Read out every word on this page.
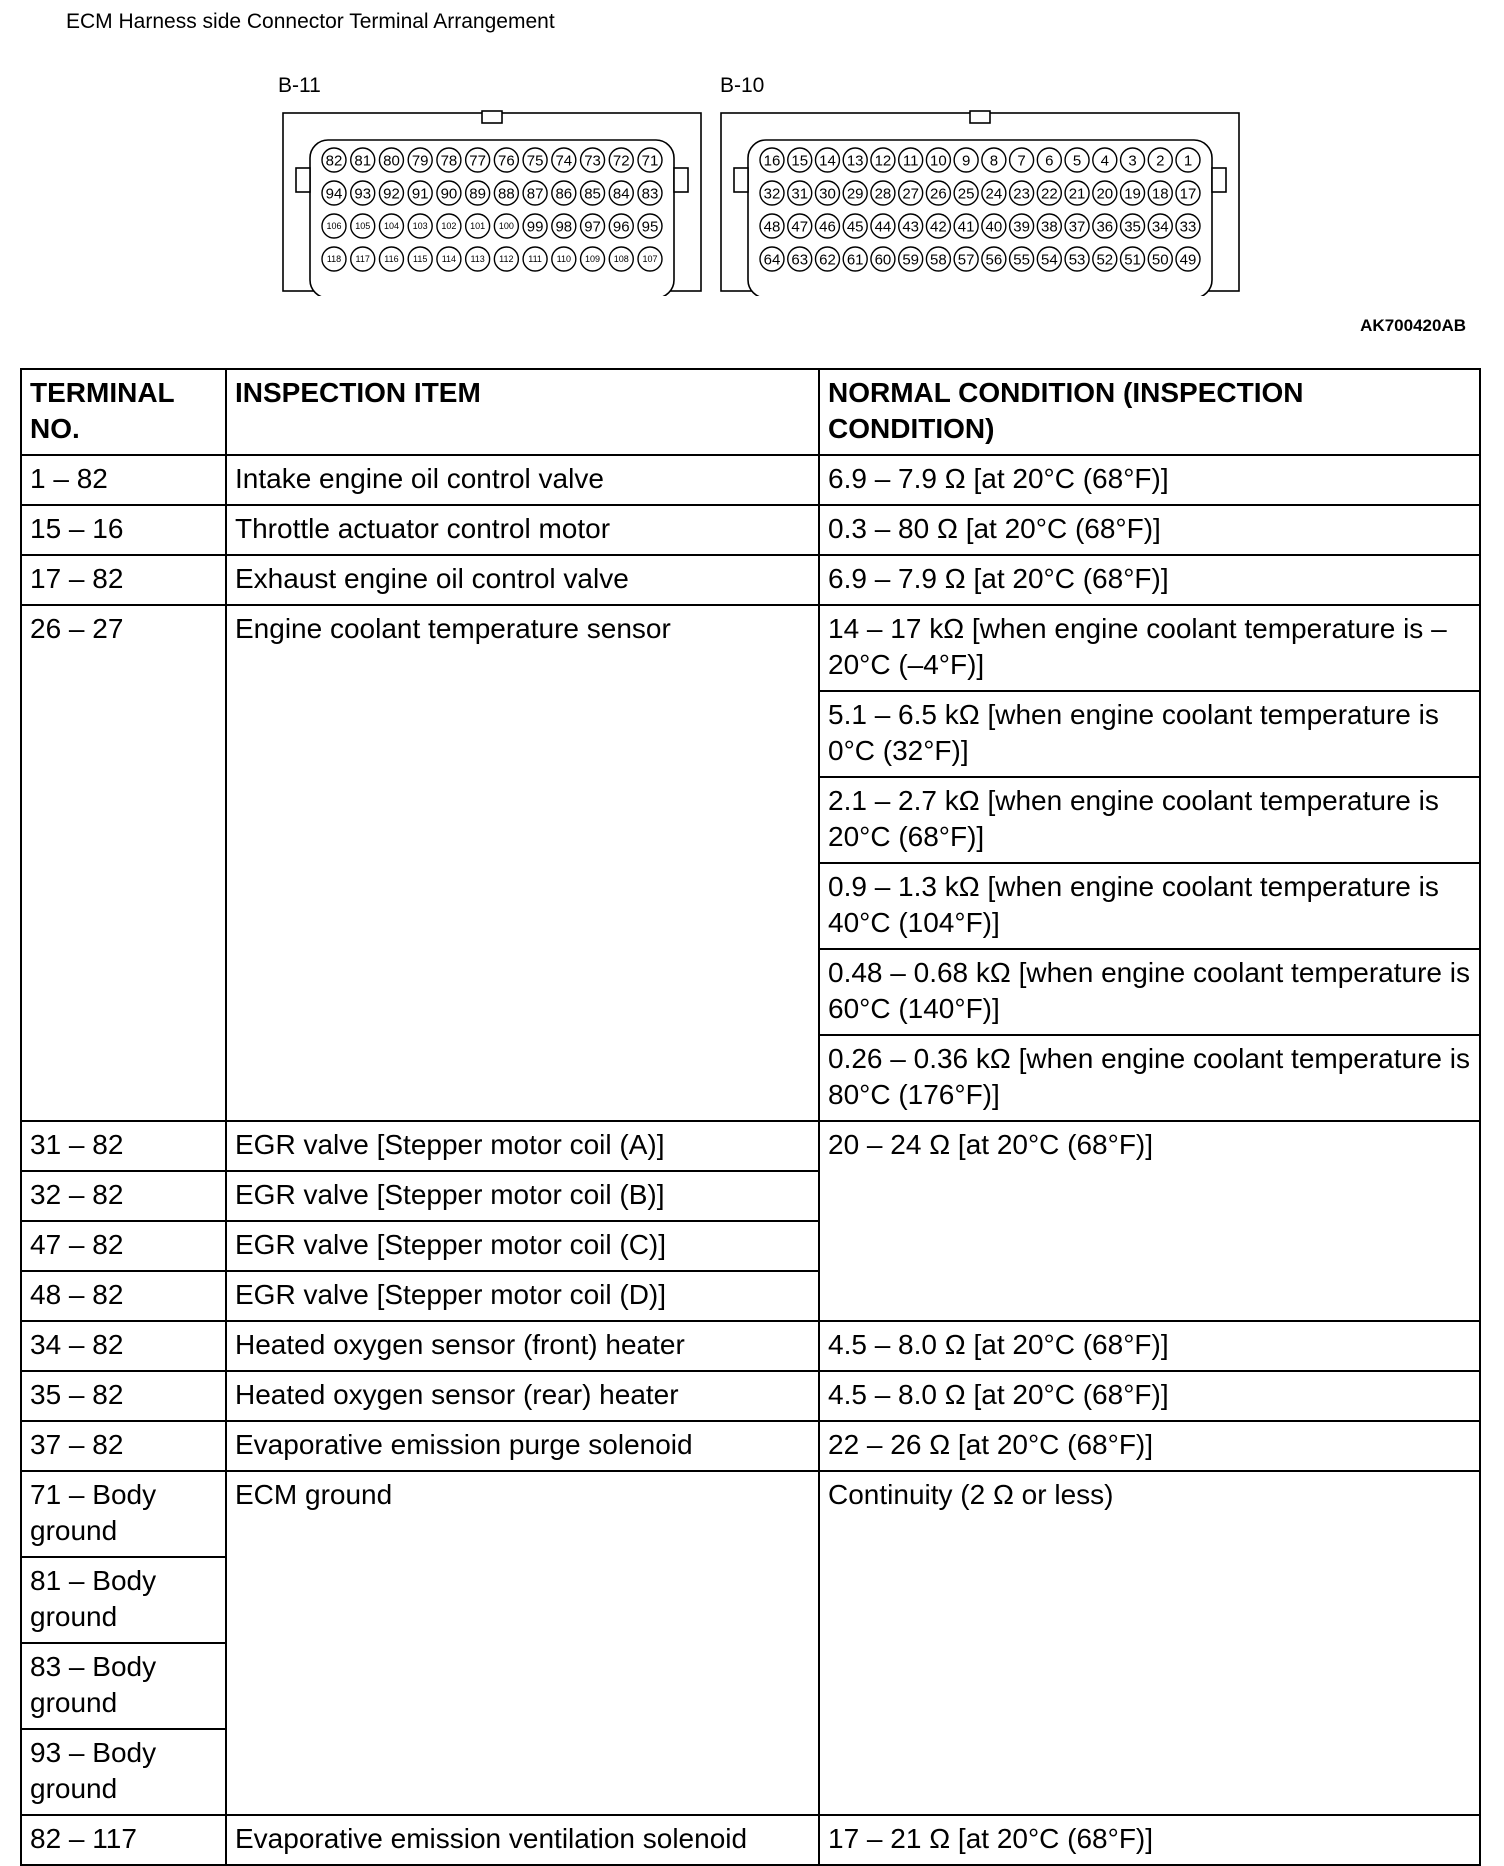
ECM Harness side Connector Terminal Arrangement
B-11	B-10
82 81 80 79 78 77 76 75 74 73 72 71
94 93 92 91 90 89 88 87 86 85 84 83
106 105 104 103 102 101 100 99 98 97 96 95
118 117 116 115 114 113 112 111 110 109 108 107
16 15 14 13 12 11 10 9 8 7 6 5 4 3 2 1
32 31 30 29 28 27 26 25 24 23 22 21 20 19 18 17
48 47 46 45 44 43 42 41 40 39 38 37 36 35 34 33
64 63 62 61 60 59 58 57 56 55 54 53 52 51 50 49
AK700420AB
TERMINAL NO.	INSPECTION ITEM	NORMAL CONDITION (INSPECTION CONDITION)
1 – 82	Intake engine oil control valve	6.9 – 7.9 Ω [at 20°C (68°F)]
15 – 16	Throttle actuator control motor	0.3 – 80 Ω [at 20°C (68°F)]
17 – 82	Exhaust engine oil control valve	6.9 – 7.9 Ω [at 20°C (68°F)]
26 – 27	Engine coolant temperature sensor	14 – 17 kΩ [when engine coolant temperature is –20°C (–4°F)]
		5.1 – 6.5 kΩ [when engine coolant temperature is 0°C (32°F)]
		2.1 – 2.7 kΩ [when engine coolant temperature is 20°C (68°F)]
		0.9 – 1.3 kΩ [when engine coolant temperature is 40°C (104°F)]
		0.48 – 0.68 kΩ [when engine coolant temperature is 60°C (140°F)]
		0.26 – 0.36 kΩ [when engine coolant temperature is 80°C (176°F)]
31 – 82	EGR valve [Stepper motor coil (A)]	20 – 24 Ω [at 20°C (68°F)]
32 – 82	EGR valve [Stepper motor coil (B)]	
47 – 82	EGR valve [Stepper motor coil (C)]	
48 – 82	EGR valve [Stepper motor coil (D)]	
34 – 82	Heated oxygen sensor (front) heater	4.5 – 8.0 Ω [at 20°C (68°F)]
35 – 82	Heated oxygen sensor (rear) heater	4.5 – 8.0 Ω [at 20°C (68°F)]
37 – 82	Evaporative emission purge solenoid	22 – 26 Ω [at 20°C (68°F)]
71 – Body ground	ECM ground	Continuity (2 Ω or less)
81 – Body ground		
83 – Body ground		
93 – Body ground		
82 – 117	Evaporative emission ventilation solenoid	17 – 21 Ω [at 20°C (68°F)]
